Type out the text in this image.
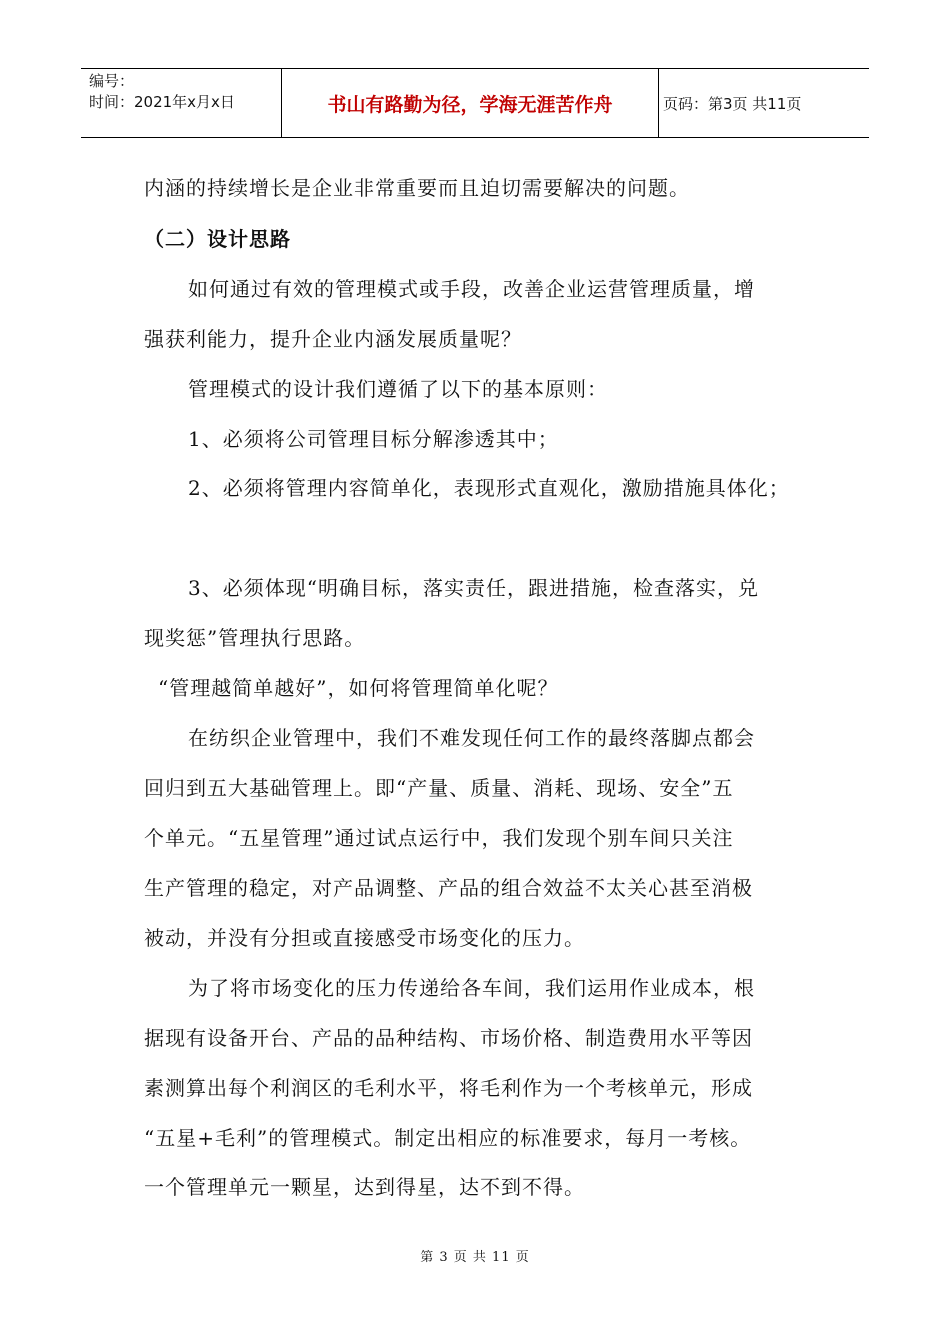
编号：
时间：2021年x月x日	书山有路勤为径，学海无涯苦作舟	页码：第3页 共11页
内涵的持续增长是企业非常重要而且迫切需要解决的问题。
（二）设计思路
如何通过有效的管理模式或手段，改善企业运营管理质量，增
强获利能力，提升企业内涵发展质量呢？
管理模式的设计我们遵循了以下的基本原则：
1、必须将公司管理目标分解渗透其中；
2、必须将管理内容简单化，表现形式直观化，激励措施具体化；
3、必须体现“明确目标，落实责任，跟进措施，检查落实，兑
现奖惩”管理执行思路。
“管理越简单越好”，如何将管理简单化呢？
在纺织企业管理中，我们不难发现任何工作的最终落脚点都会
回归到五大基础管理上。即“产量、质量、消耗、现场、安全”五
个单元。“五星管理”通过试点运行中，我们发现个别车间只关注
生产管理的稳定，对产品调整、产品的组合效益不太关心甚至消极
被动，并没有分担或直接感受市场变化的压力。
为了将市场变化的压力传递给各车间，我们运用作业成本，根
据现有设备开台、产品的品种结构、市场价格、制造费用水平等因
素测算出每个利润区的毛利水平，将毛利作为一个考核单元，形成
“五星+毛利”的管理模式。制定出相应的标准要求，每月一考核。
一个管理单元一颗星，达到得星，达不到不得。
第 3 页 共 11 页
